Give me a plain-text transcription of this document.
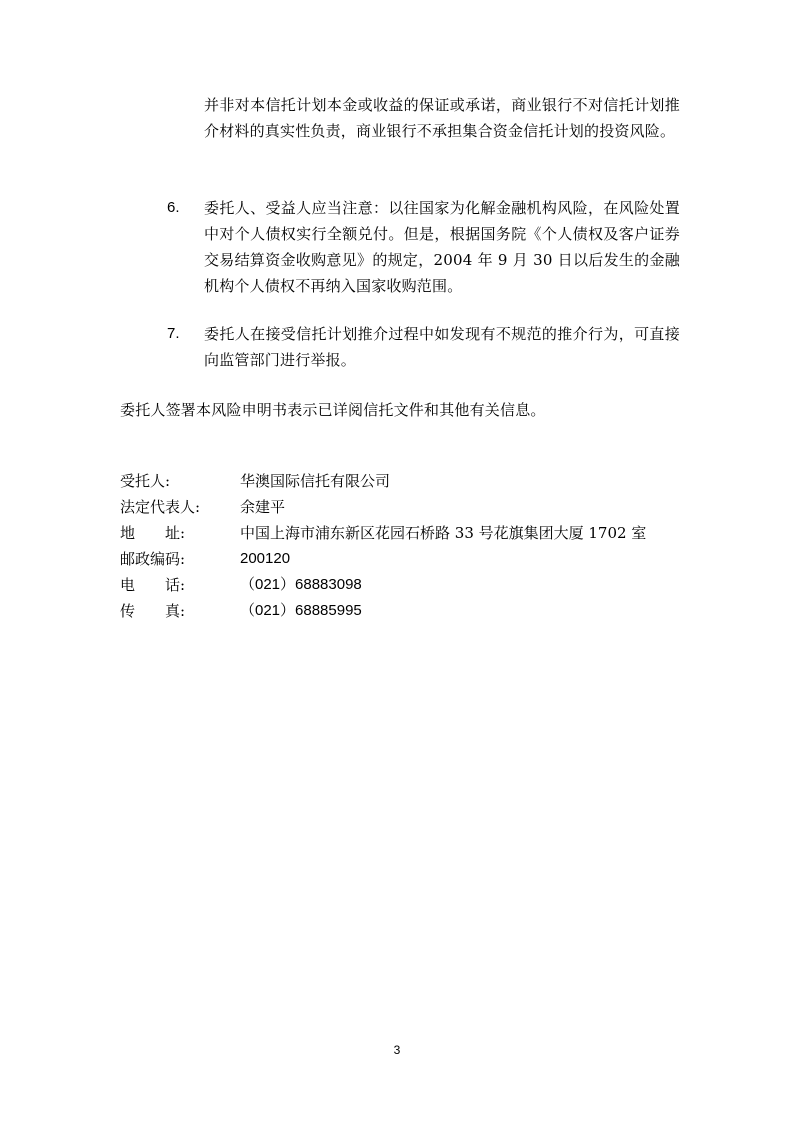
并非对本信托计划本金或收益的保证或承诺，商业银行不对信托计划推介材料的真实性负责，商业银行不承担集合资金信托计划的投资风险。

6. 委托人、受益人应当注意：以往国家为化解金融机构风险，在风险处置中对个人债权实行全额兑付。但是，根据国务院《个人债权及客户证券交易结算资金收购意见》的规定，2004 年 9 月 30 日以后发生的金融机构个人债权不再纳入国家收购范围。

7. 委托人在接受信托计划推介过程中如发现有不规范的推介行为，可直接向监管部门进行举报。

委托人签署本风险申明书表示已详阅信托文件和其他有关信息。

受托人:	华澳国际信托有限公司
法定代表人:	余建平
地　　址:	中国上海市浦东新区花园石桥路 33 号花旗集团大厦 1702 室
邮政编码:	200120
电　　话:	（021）68883098
传　　真:	（021）68885995
3
